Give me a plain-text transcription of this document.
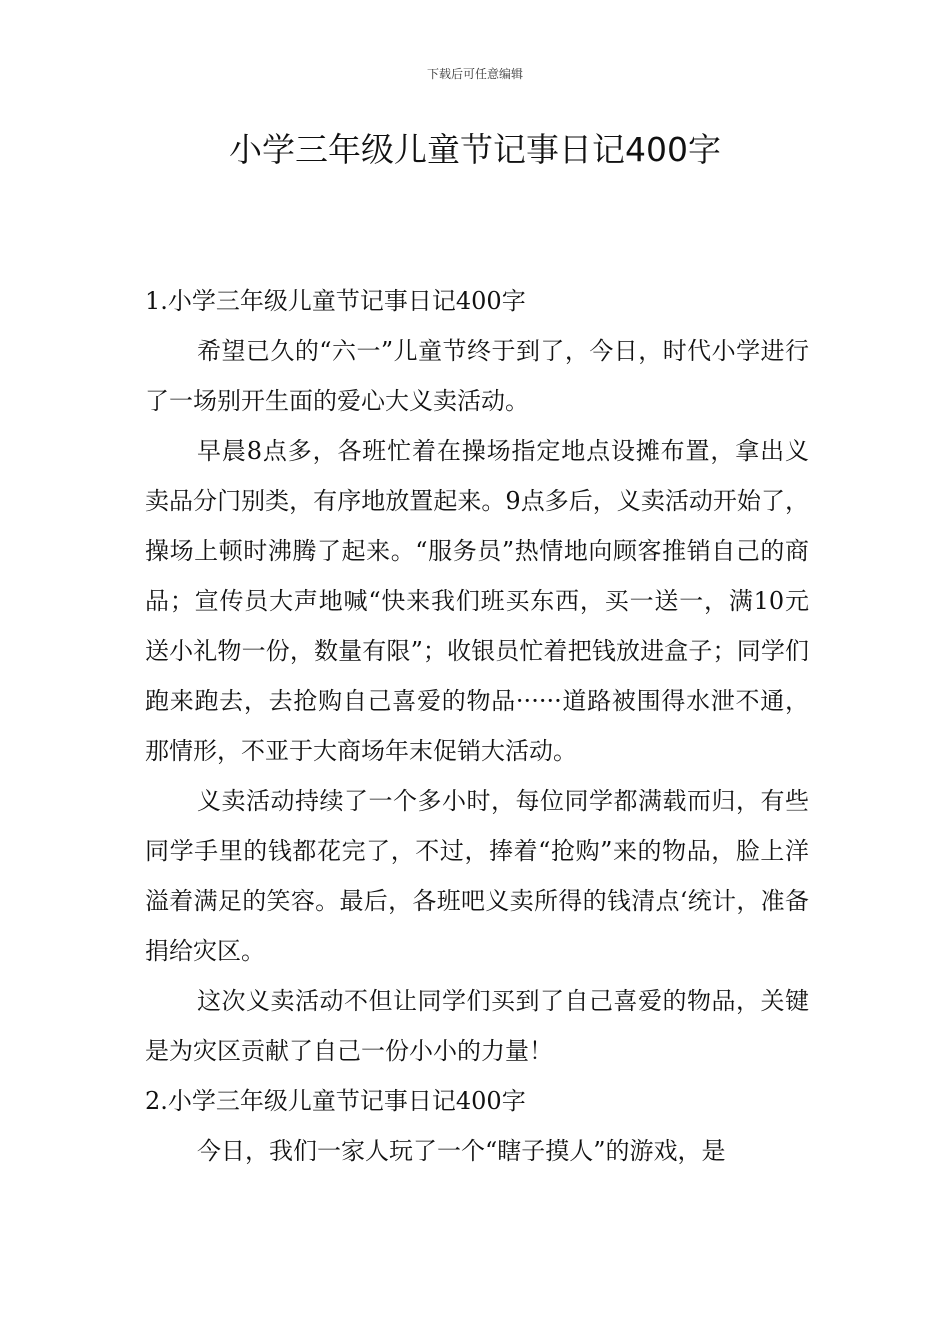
下载后可任意编辑
小学三年级儿童节记事日记400字

1.小学三年级儿童节记事日记400字

希望已久的“六一”儿童节终于到了，今日，时代小学进行了一场别开生面的爱心大义卖活动。

早晨8点多，各班忙着在操场指定地点设摊布置，拿出义卖品分门别类，有序地放置起来。9点多后，义卖活动开始了，操场上顿时沸腾了起来。“服务员”热情地向顾客推销自己的商品；宣传员大声地喊“快来我们班买东西，买一送一，满10元送小礼物一份，数量有限”；收银员忙着把钱放进盒子；同学们跑来跑去，去抢购自己喜爱的物品······道路被围得水泄不通，那情形，不亚于大商场年末促销大活动。

义卖活动持续了一个多小时，每位同学都满载而归，有些同学手里的钱都花完了，不过，捧着“抢购”来的物品，脸上洋溢着满足的笑容。最后，各班吧义卖所得的钱清点‘统计，准备捐给灾区。

这次义卖活动不但让同学们买到了自己喜爱的物品，关键是为灾区贡献了自己一份小小的力量！

2.小学三年级儿童节记事日记400字

今日，我们一家人玩了一个“瞎子摸人”的游戏，是
